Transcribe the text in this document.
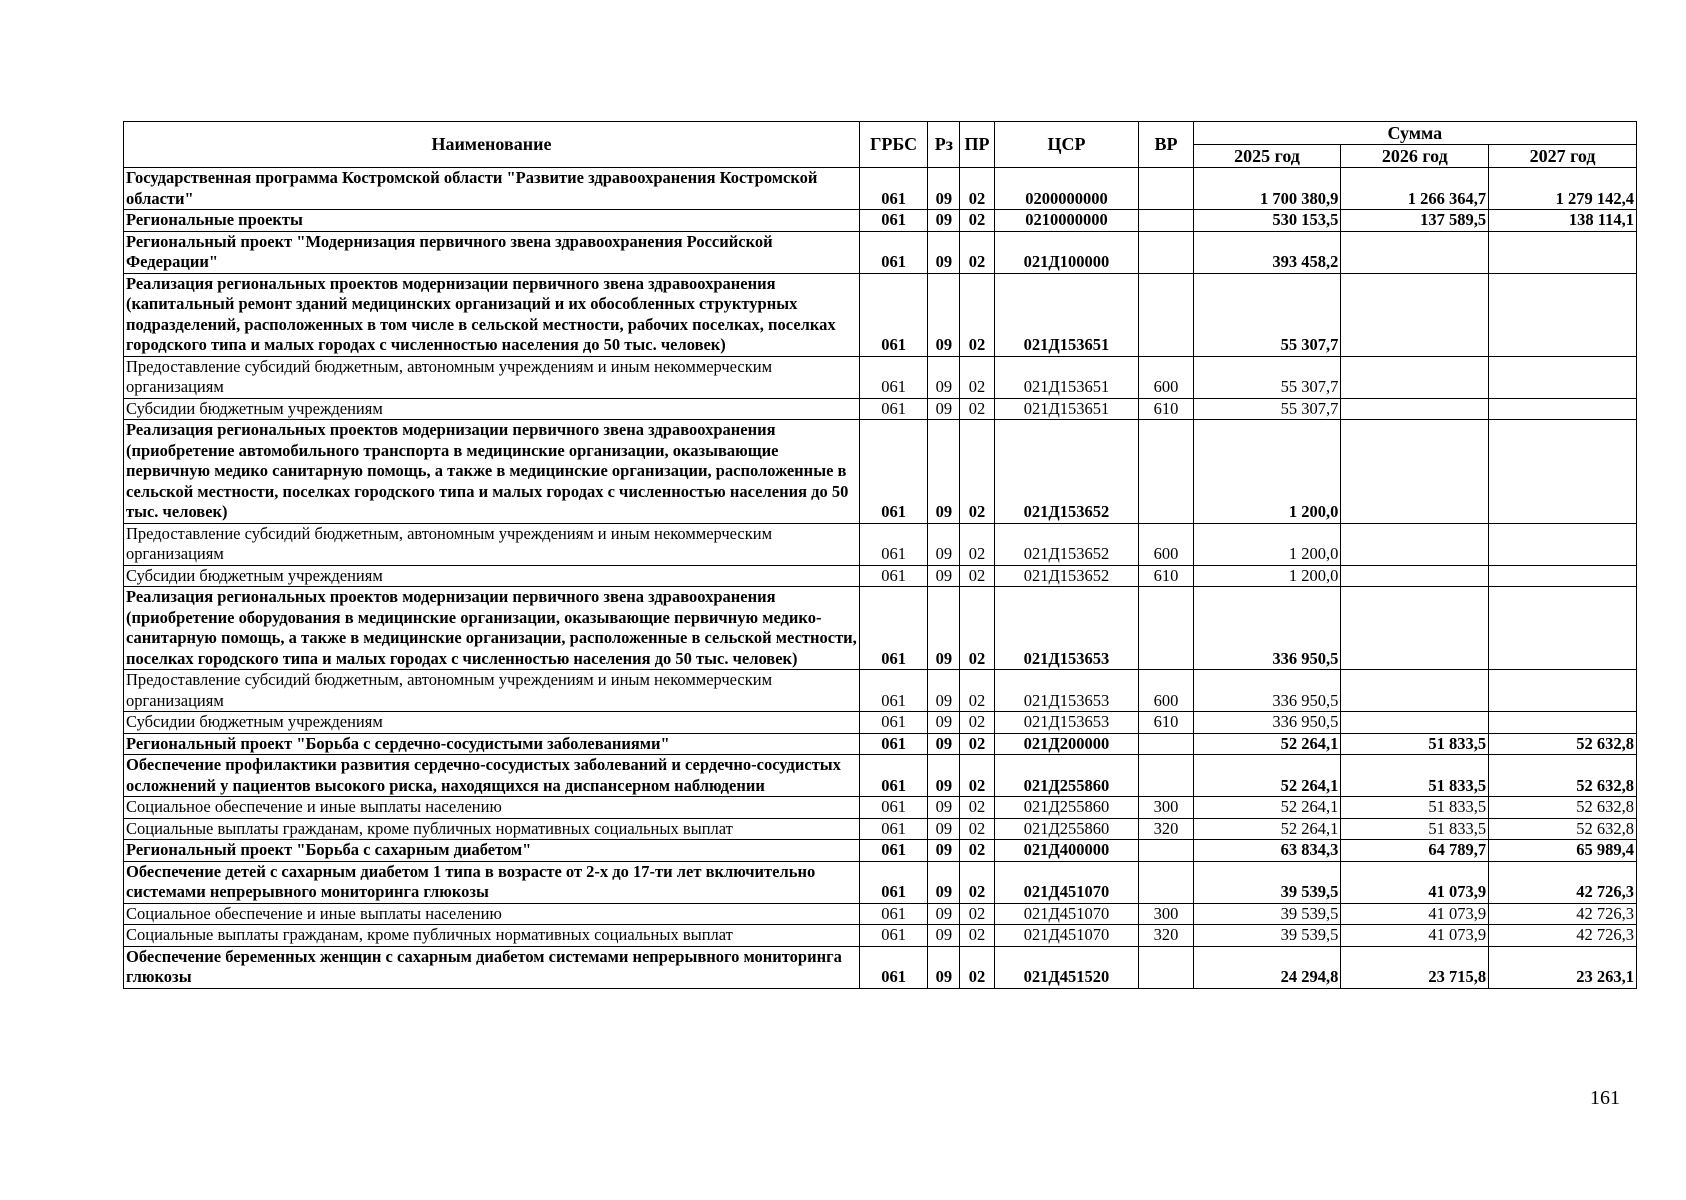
Наименование	ГРБС	Рз	ПР	ЦСР	ВР	Сумма		
						2025 год	2026 год	2027 год
Государственная программа Костромской области "Развитие здравоохранения Костромской области"	061	09	02	0200000000		1 700 380,9	1 266 364,7	1 279 142,4
Региональные проекты	061	09	02	0210000000		530 153,5	137 589,5	138 114,1
Региональный проект "Модернизация первичного звена здравоохранения Российской Федерации"	061	09	02	021Д100000		393 458,2		
Реализация региональных проектов модернизации первичного звена здравоохранения (капитальный ремонт зданий медицинских организаций и их обособленных структурных подразделений, расположенных в том числе в сельской местности, рабочих поселках, поселках городского типа и малых городах с численностью населения до 50 тыс. человек)	061	09	02	021Д153651		55 307,7		
Предоставление субсидий бюджетным, автономным учреждениям и иным некоммерческим организациям	061	09	02	021Д153651	600	55 307,7		
Субсидии бюджетным учреждениям	061	09	02	021Д153651	610	55 307,7		
Реализация региональных проектов модернизации первичного звена здравоохранения (приобретение автомобильного транспорта в медицинские организации, оказывающие первичную медико санитарную помощь, а также в медицинские организации, расположенные в сельской местности, поселках городского типа и малых городах с численностью населения до 50 тыс. человек)	061	09	02	021Д153652		1 200,0		
Предоставление субсидий бюджетным, автономным учреждениям и иным некоммерческим организациям	061	09	02	021Д153652	600	1 200,0		
Субсидии бюджетным учреждениям	061	09	02	021Д153652	610	1 200,0		
Реализация региональных проектов модернизации первичного звена здравоохранения (приобретение оборудования в медицинские организации, оказывающие первичную медико-санитарную помощь, а также в медицинские организации, расположенные в сельской местности, поселках городского типа и малых городах с численностью населения до 50 тыс. человек)	061	09	02	021Д153653		336 950,5		
Предоставление субсидий бюджетным, автономным учреждениям и иным некоммерческим организациям	061	09	02	021Д153653	600	336 950,5		
Субсидии бюджетным учреждениям	061	09	02	021Д153653	610	336 950,5		
Региональный проект "Борьба с сердечно-сосудистыми заболеваниями"	061	09	02	021Д200000		52 264,1	51 833,5	52 632,8
Обеспечение профилактики развития сердечно-сосудистых заболеваний и сердечно-сосудистых осложнений у пациентов высокого риска, находящихся на диспансерном наблюдении	061	09	02	021Д255860		52 264,1	51 833,5	52 632,8
Социальное обеспечение и иные выплаты населению	061	09	02	021Д255860	300	52 264,1	51 833,5	52 632,8
Социальные выплаты гражданам, кроме публичных нормативных социальных выплат	061	09	02	021Д255860	320	52 264,1	51 833,5	52 632,8
Региональный проект "Борьба с сахарным диабетом"	061	09	02	021Д400000		63 834,3	64 789,7	65 989,4
Обеспечение детей с сахарным диабетом 1 типа в возрасте от 2-х до 17-ти лет включительно системами непрерывного мониторинга глюкозы	061	09	02	021Д451070		39 539,5	41 073,9	42 726,3
Социальное обеспечение и иные выплаты населению	061	09	02	021Д451070	300	39 539,5	41 073,9	42 726,3
Социальные выплаты гражданам, кроме публичных нормативных социальных выплат	061	09	02	021Д451070	320	39 539,5	41 073,9	42 726,3
Обеспечение беременных женщин с сахарным диабетом системами непрерывного мониторинга глюкозы	061	09	02	021Д451520		24 294,8	23 715,8	23 263,1
161
